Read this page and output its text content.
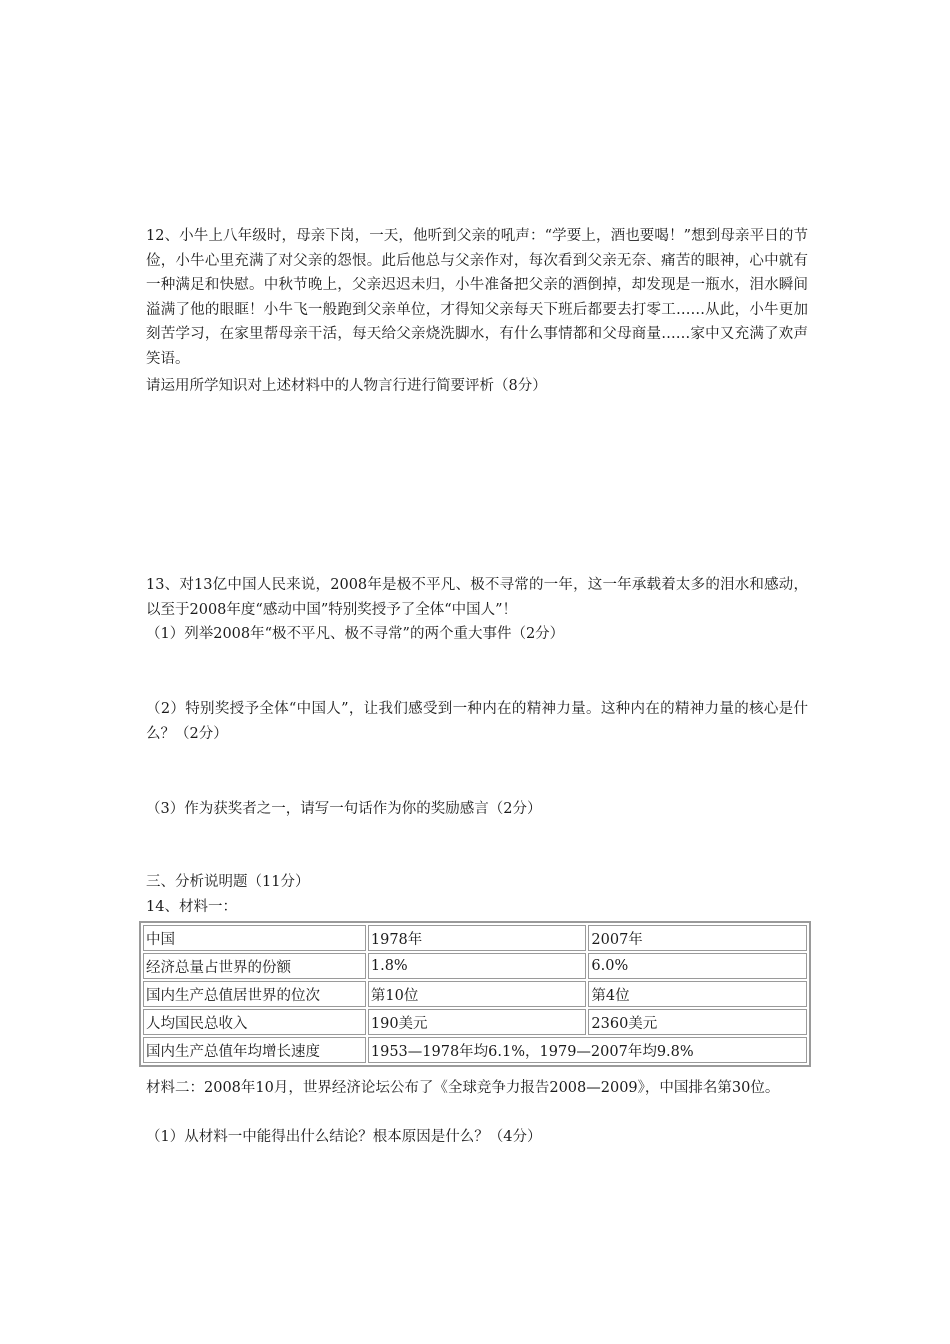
12、小牛上八年级时，母亲下岗，一天，他听到父亲的吼声：“学要上，酒也要喝！”想到母亲平日的节俭，小牛心里充满了对父亲的怨恨。此后他总与父亲作对，每次看到父亲无奈、痛苦的眼神，心中就有一种满足和快慰。中秋节晚上，父亲迟迟未归，小牛准备把父亲的酒倒掉，却发现是一瓶水，泪水瞬间溢满了他的眼眶！小牛飞一般跑到父亲单位，才得知父亲每天下班后都要去打零工……从此，小牛更加刻苦学习，在家里帮母亲干活，每天给父亲烧洗脚水，有什么事情都和父母商量……家中又充满了欢声笑语。

请运用所学知识对上述材料中的人物言行进行简要评析（8分）

13、对13亿中国人民来说，2008年是极不平凡、极不寻常的一年，这一年承载着太多的泪水和感动，以至于2008年度“感动中国”特别奖授予了全体“中国人”！

（1）列举2008年“极不平凡、极不寻常”的两个重大事件（2分）

（2）特别奖授予全体“中国人”，让我们感受到一种内在的精神力量。这种内在的精神力量的核心是什么？（2分）

（3）作为获奖者之一，请写一句话作为你的奖励感言（2分）

三、分析说明题（11分）

14、材料一：

中国	1978年	2007年
经济总量占世界的份额	1.8%	6.0%
国内生产总值居世界的位次	第10位	第4位
人均国民总收入	190美元	2360美元
国内生产总值年均增长速度	1953—1978年均6.1%，1979—2007年均9.8%	

材料二：2008年10月，世界经济论坛公布了《全球竞争力报告2008—2009》，中国排名第30位。

（1）从材料一中能得出什么结论？根本原因是什么？（4分）
